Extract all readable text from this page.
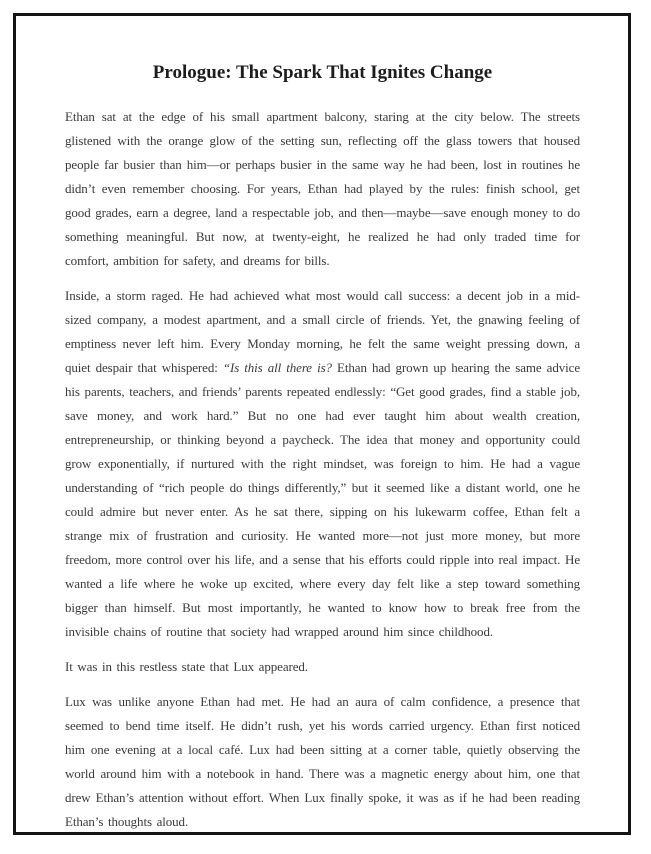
Prologue: The Spark That Ignites Change

Ethan sat at the edge of his small apartment balcony, staring at the city below. The streets glistened with the orange glow of the setting sun, reflecting off the glass towers that housed people far busier than him—or perhaps busier in the same way he had been, lost in routines he didn’t even remember choosing. For years, Ethan had played by the rules: finish school, get good grades, earn a degree, land a respectable job, and then—maybe—save enough money to do something meaningful. But now, at twenty-eight, he realized he had only traded time for comfort, ambition for safety, and dreams for bills.

Inside, a storm raged. He had achieved what most would call success: a decent job in a mid-sized company, a modest apartment, and a small circle of friends. Yet, the gnawing feeling of emptiness never left him. Every Monday morning, he felt the same weight pressing down, a quiet despair that whispered: “Is this all there is? Ethan had grown up hearing the same advice his parents, teachers, and friends’ parents repeated endlessly: “Get good grades, find a stable job, save money, and work hard.” But no one had ever taught him about wealth creation, entrepreneurship, or thinking beyond a paycheck. The idea that money and opportunity could grow exponentially, if nurtured with the right mindset, was foreign to him. He had a vague understanding of “rich people do things differently,” but it seemed like a distant world, one he could admire but never enter. As he sat there, sipping on his lukewarm coffee, Ethan felt a strange mix of frustration and curiosity. He wanted more—not just more money, but more freedom, more control over his life, and a sense that his efforts could ripple into real impact. He wanted a life where he woke up excited, where every day felt like a step toward something bigger than himself. But most importantly, he wanted to know how to break free from the invisible chains of routine that society had wrapped around him since childhood.

It was in this restless state that Lux appeared.

Lux was unlike anyone Ethan had met. He had an aura of calm confidence, a presence that seemed to bend time itself. He didn’t rush, yet his words carried urgency. Ethan first noticed him one evening at a local café. Lux had been sitting at a corner table, quietly observing the world around him with a notebook in hand. There was a magnetic energy about him, one that drew Ethan’s attention without effort. When Lux finally spoke, it was as if he had been reading Ethan’s thoughts aloud.
